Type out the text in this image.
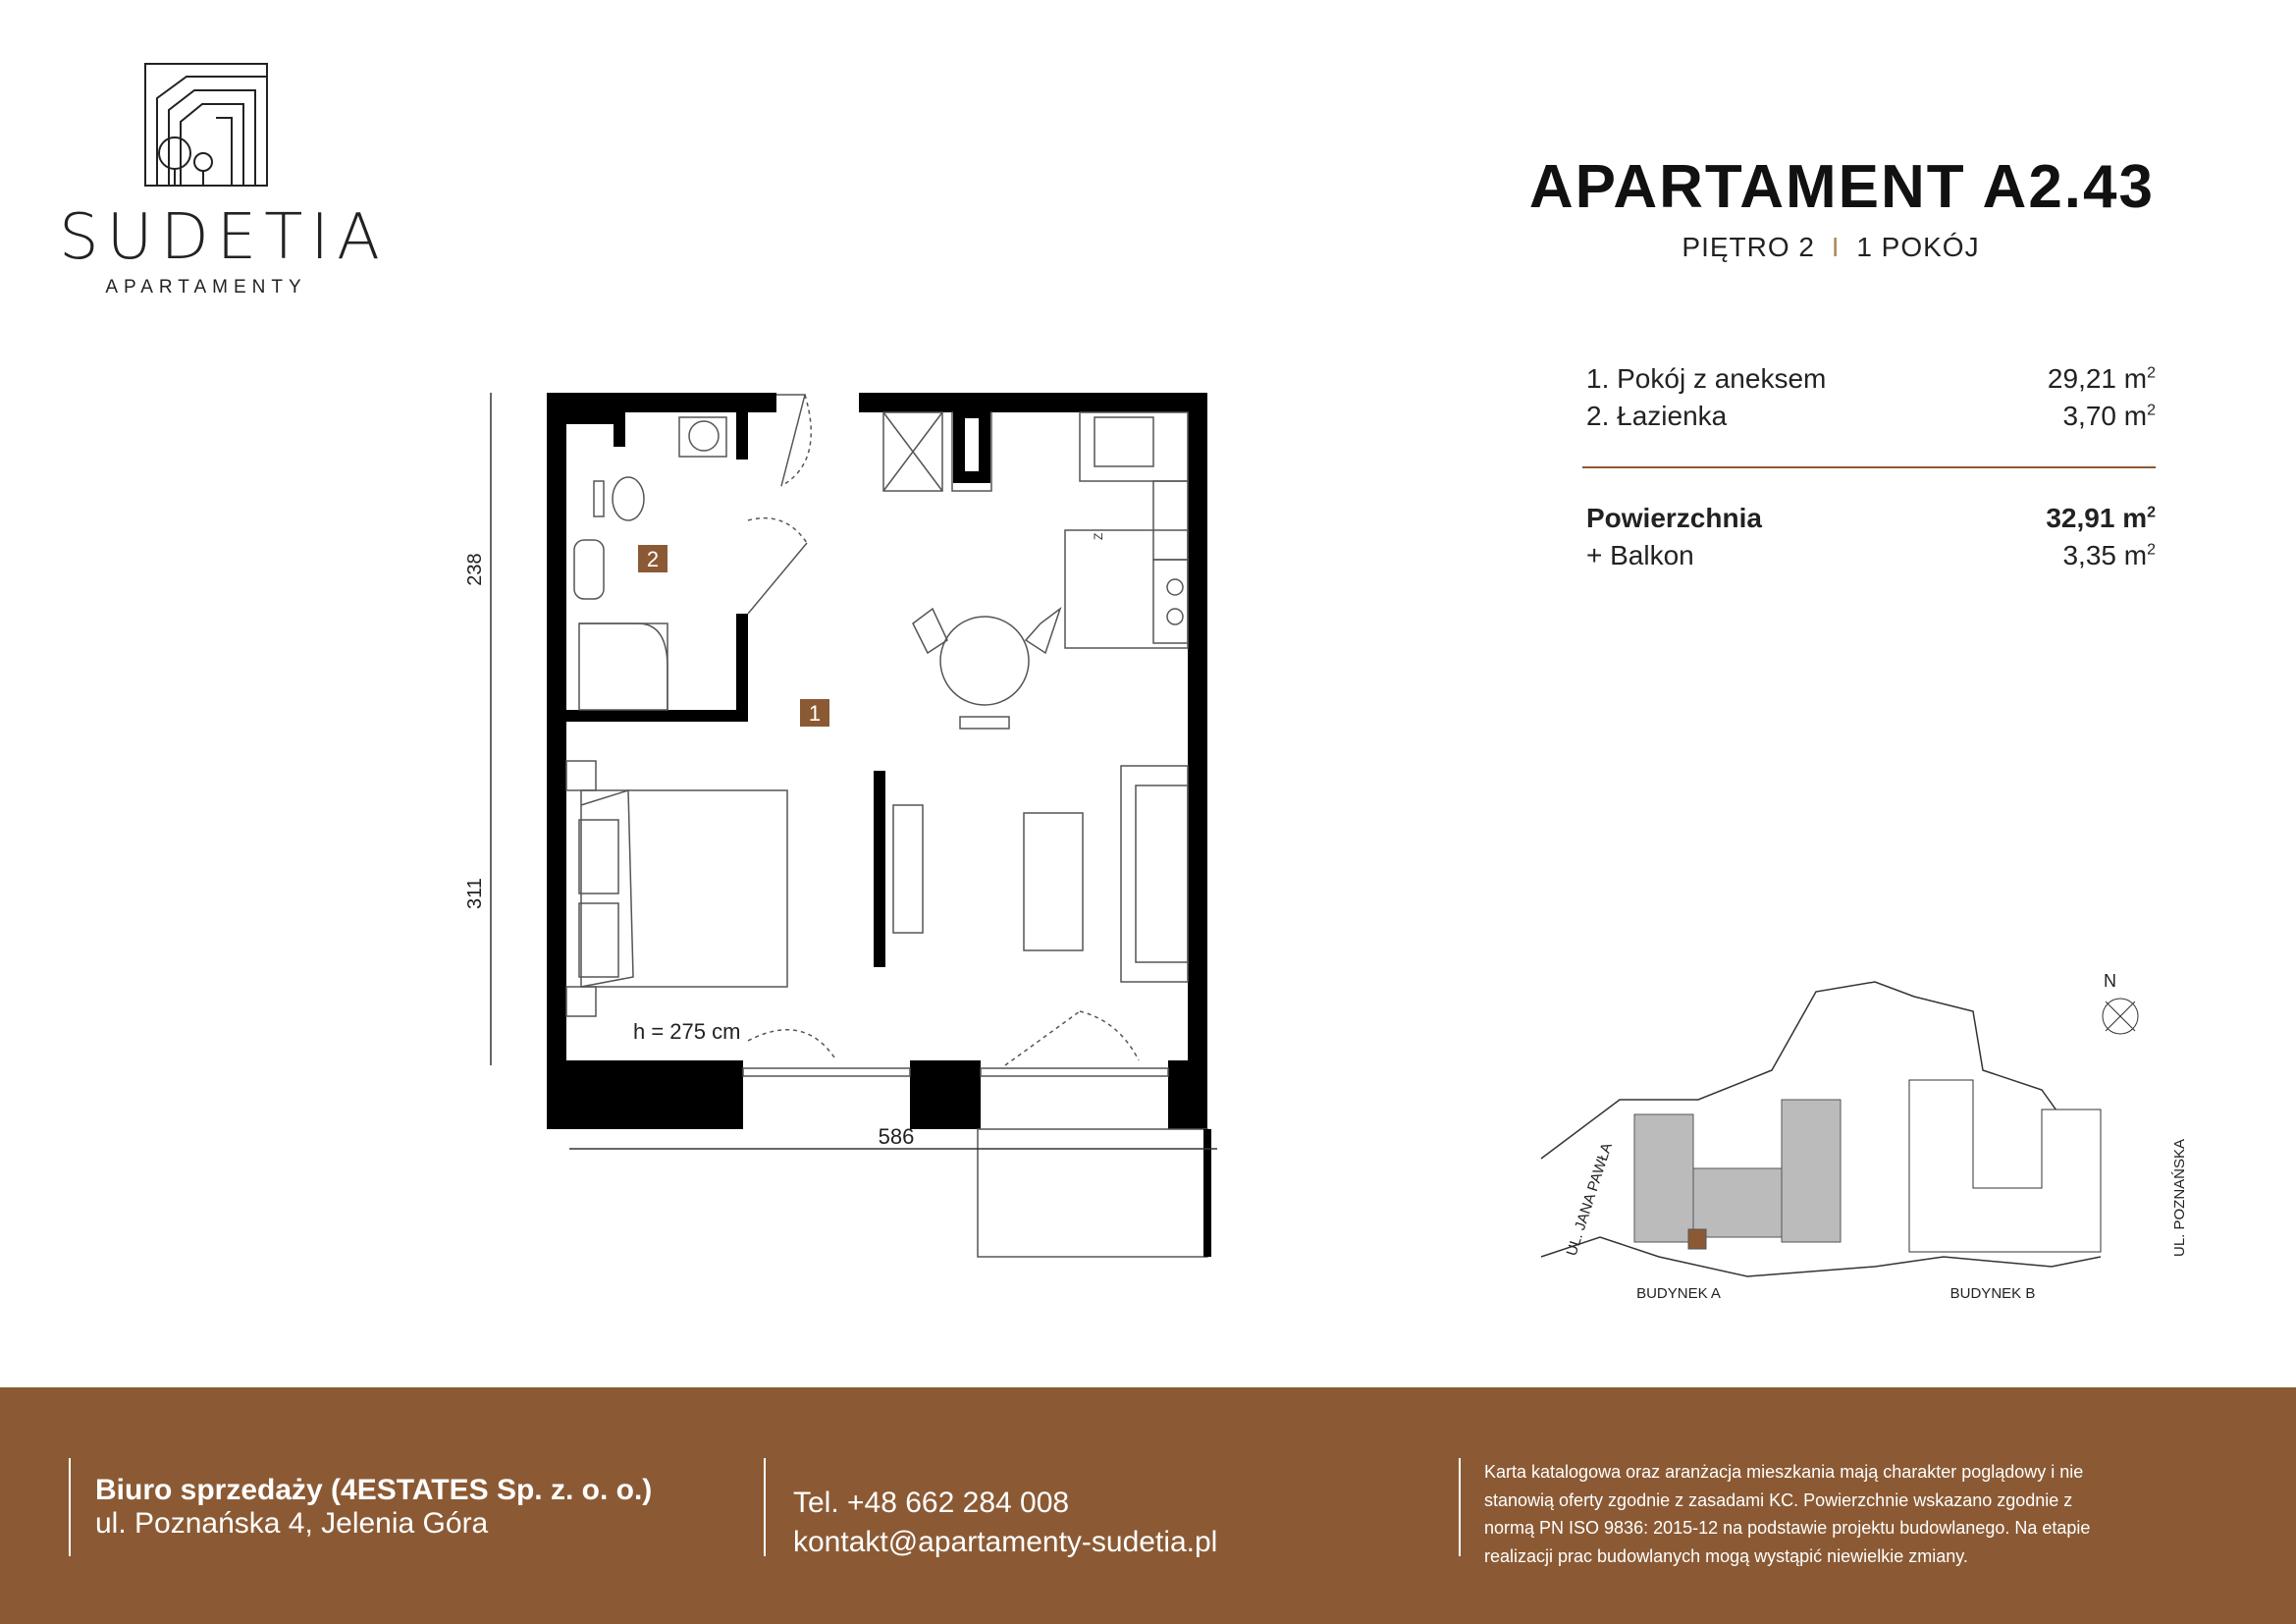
SUDETIA
APARTAMENTY
APARTAMENT A2.43
PIĘTRO 2 I 1 POKÓJ
1. Pokój z aneksem	29,21 $m^2$
2. Łazienka	3,70 $m^2$
Powierzchnia	32,91 $m^2$
+ Balkon	3,35 $m^2$
2
1
Z
h = 275 cm
586
238
311
N
UL. JANA PAWŁA	UL. POZNAŃSKA
BUDYNEK A	BUDYNEK B
Biuro sprzedaży (4ESTATES Sp. z. o. o.)
ul. Poznańska 4, Jelenia Góra
Tel. +48 662 284 008
kontakt@apartamenty-sudetia.pl
Karta katalogowa oraz aranżacja mieszkania mają charakter poglądowy i nie
stanowią oferty zgodnie z zasadami KC. Powierzchnie wskazano zgodnie z
normą PN ISO 9836: 2015-12 na podstawie projektu budowlanego. Na etapie
realizacji prac budowlanych mogą wystąpić niewielkie zmiany.
